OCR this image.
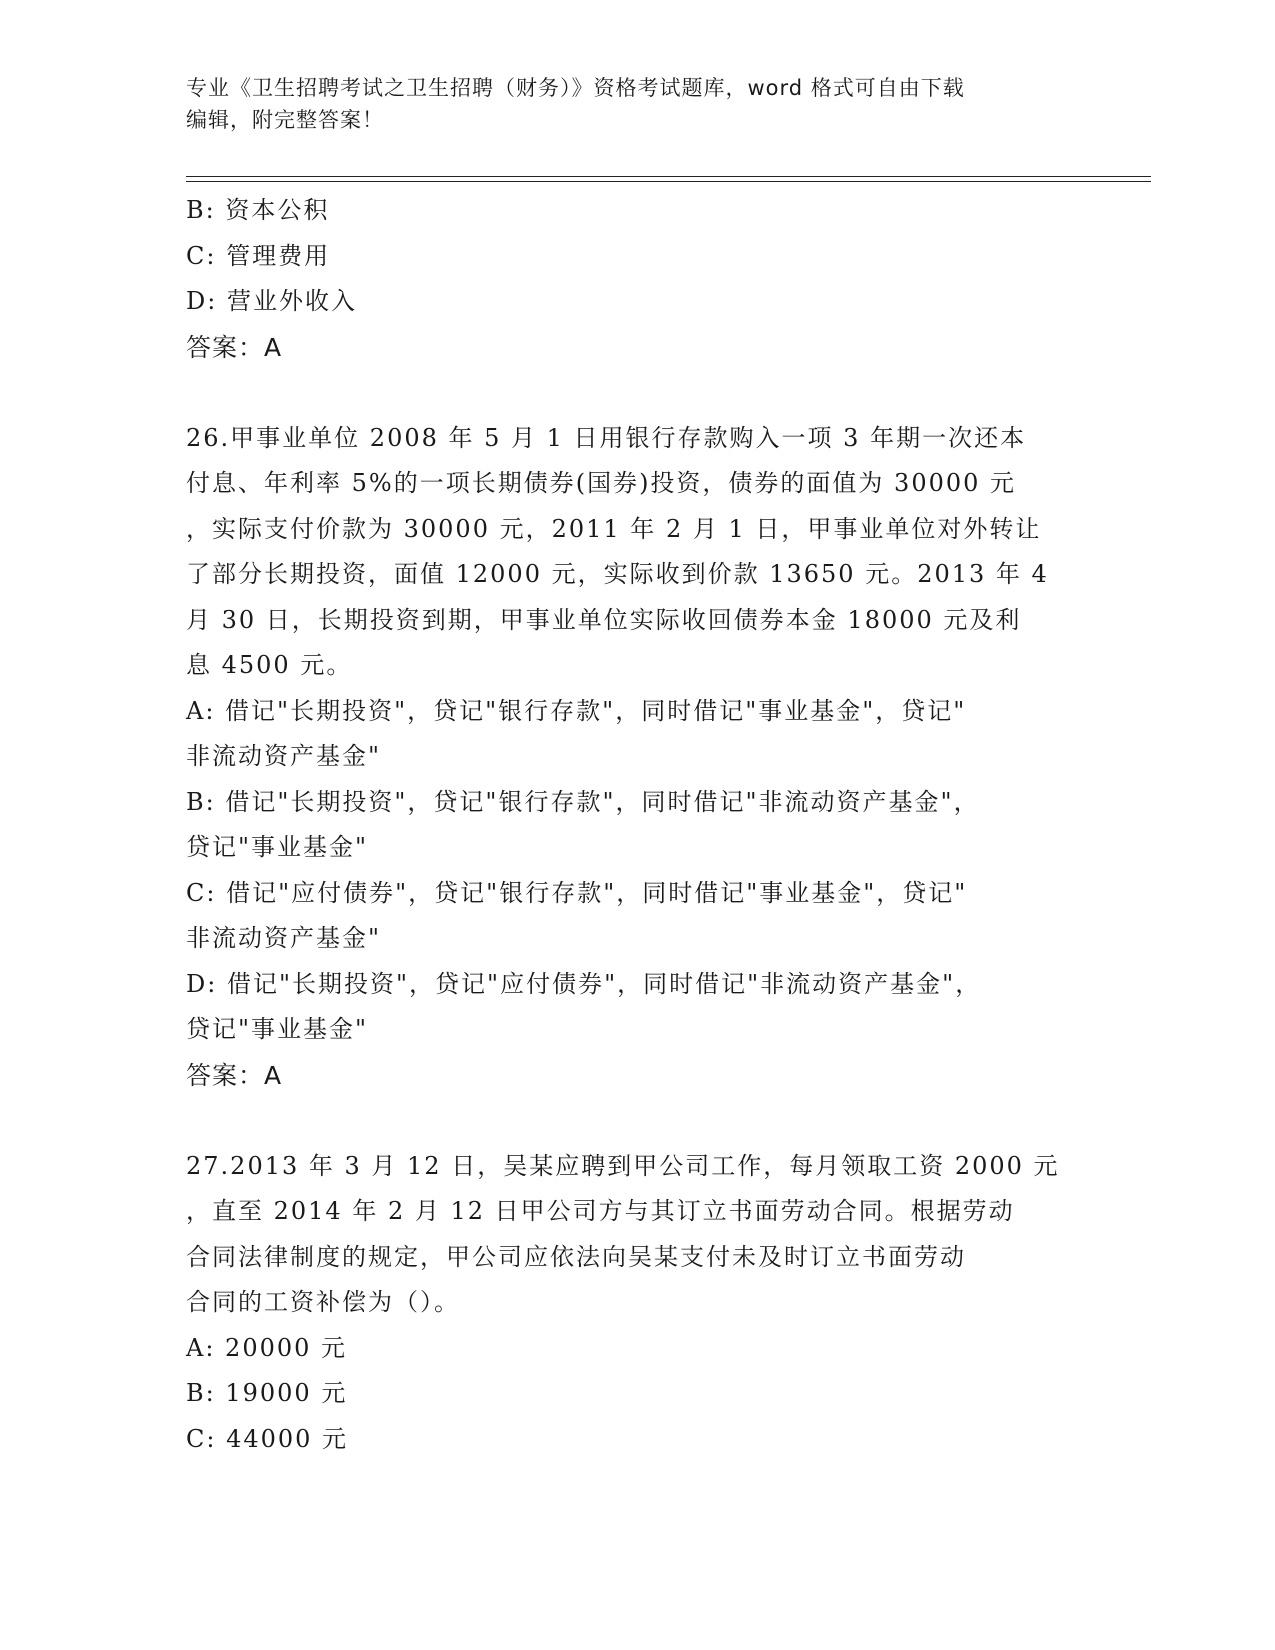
专业《卫生招聘考试之卫生招聘（财务）》资格考试题库，word 格式可自由下载
编辑，附完整答案！
B: 资本公积
C: 管理费用
D: 营业外收入
答案：A
26.甲事业单位 2008 年 5 月 1 日用银行存款购入一项 3 年期一次还本
付息、年利率 5%的一项长期债券(国券)投资，债券的面值为 30000 元
，实际支付价款为 30000 元，2011 年 2 月 1 日，甲事业单位对外转让
了部分长期投资，面值 12000 元，实际收到价款 13650 元。2013 年 4
月 30 日，长期投资到期，甲事业单位实际收回债券本金 18000 元及利
息 4500 元。
A: 借记"长期投资"，贷记"银行存款"，同时借记"事业基金"，贷记"
非流动资产基金"
B: 借记"长期投资"，贷记"银行存款"，同时借记"非流动资产基金"，
贷记"事业基金"
C: 借记"应付债券"，贷记"银行存款"，同时借记"事业基金"，贷记"
非流动资产基金"
D: 借记"长期投资"，贷记"应付债券"，同时借记"非流动资产基金"，
贷记"事业基金"
答案：A
27.2013 年 3 月 12 日，吴某应聘到甲公司工作，每月领取工资 2000 元
，直至 2014 年 2 月 12 日甲公司方与其订立书面劳动合同。根据劳动
合同法律制度的规定，甲公司应依法向吴某支付未及时订立书面劳动
合同的工资补偿为（）。
A: 20000 元
B: 19000 元
C: 44000 元
